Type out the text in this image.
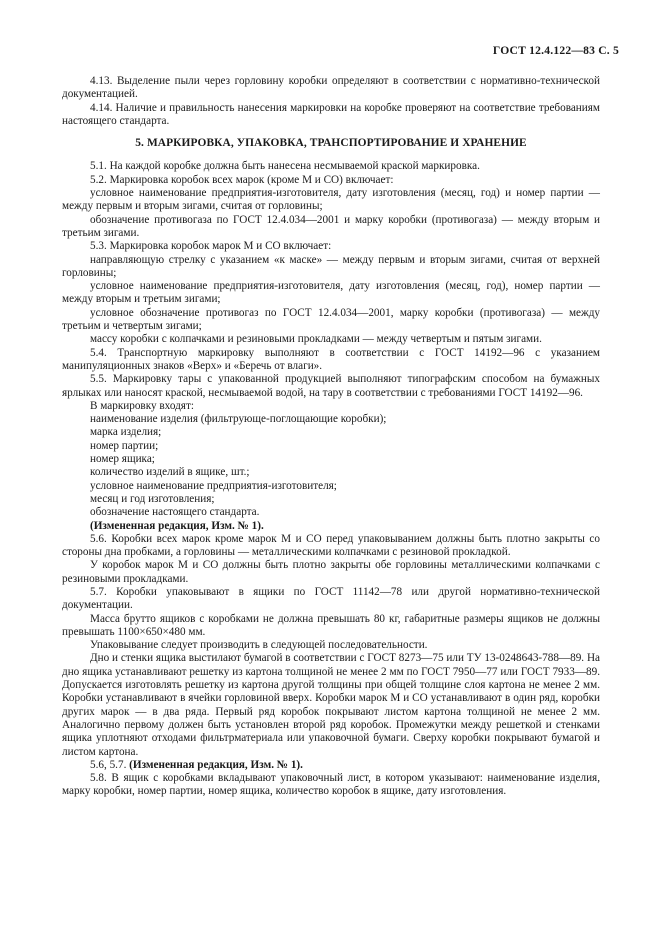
ГОСТ 12.4.122—83 С. 5

4.13. Выделение пыли через горловину коробки определяют в соответствии с нормативно-технической документацией.

4.14. Наличие и правильность нанесения маркировки на коробке проверяют на соответствие требованиям настоящего стандарта.

5. МАРКИРОВКА, УПАКОВКА, ТРАНСПОРТИРОВАНИЕ И ХРАНЕНИЕ

5.1. На каждой коробке должна быть нанесена несмываемой краской маркировка.

5.2. Маркировка коробок всех марок (кроме М и СО) включает:

условное наименование предприятия-изготовителя, дату изготовления (месяц, год) и номер партии — между первым и вторым зигами, считая от горловины;

обозначение противогаза по ГОСТ 12.4.034—2001 и марку коробки (противогаза) — между вторым и третьим зигами.

5.3. Маркировка коробок марок М и СО включает:

направляющую стрелку с указанием «к маске» — между первым и вторым зигами, считая от верхней горловины;

условное наименование предприятия-изготовителя, дату изготовления (месяц, год), номер партии — между вторым и третьим зигами;

условное обозначение противогаз по ГОСТ 12.4.034—2001, марку коробки (противогаза) — между третьим и четвертым зигами;

массу коробки с колпачками и резиновыми прокладками — между четвертым и пятым зигами.

5.4. Транспортную маркировку выполняют в соответствии с ГОСТ 14192—96 с указанием манипуляционных знаков «Верх» и «Беречь от влаги».

5.5. Маркировку тары с упакованной продукцией выполняют типографским способом на бумажных ярлыках или наносят краской, несмываемой водой, на тару в соответствии с требованиями ГОСТ 14192—96.

В маркировку входят:

наименование изделия (фильтрующе-поглощающие коробки);

марка изделия;

номер партии;

номер ящика;

количество изделий в ящике, шт.;

условное наименование предприятия-изготовителя;

месяц и год изготовления;

обозначение настоящего стандарта.

(Измененная редакция, Изм. № 1).

5.6. Коробки всех марок кроме марок М и СО перед упаковыванием должны быть плотно закрыты со стороны дна пробками, а горловины — металлическими колпачками с резиновой прокладкой.

У коробок марок М и СО должны быть плотно закрыты обе горловины металлическими колпачками с резиновыми прокладками.

5.7. Коробки упаковывают в ящики по ГОСТ 11142—78 или другой нормативно-технической документации.

Масса брутто ящиков с коробками не должна превышать 80 кг, габаритные размеры ящиков не должны превышать 1100×650×480 мм.

Упаковывание следует производить в следующей последовательности.

Дно и стенки ящика выстилают бумагой в соответствии с ГОСТ 8273—75 или ТУ 13-0248643-788—89. На дно ящика устанавливают решетку из картона толщиной не менее 2 мм по ГОСТ 7950—77 или ГОСТ 7933—89. Допускается изготовлять решетку из картона другой толщины при общей толщине слоя картона не менее 2 мм. Коробки устанавливают в ячейки горловиной вверх. Коробки марок М и СО устанавливают в один ряд, коробки других марок — в два ряда. Первый ряд коробок покрывают листом картона толщиной не менее 2 мм. Аналогично первому должен быть установлен второй ряд коробок. Промежутки между решеткой и стенками ящика уплотняют отходами фильтрматериала или упаковочной бумаги. Сверху коробки покрывают бумагой и листом картона.

5.6, 5.7. (Измененная редакция, Изм. № 1).

5.8. В ящик с коробками вкладывают упаковочный лист, в котором указывают: наименование изделия, марку коробки, номер партии, номер ящика, количество коробок в ящике, дату изготовления.
